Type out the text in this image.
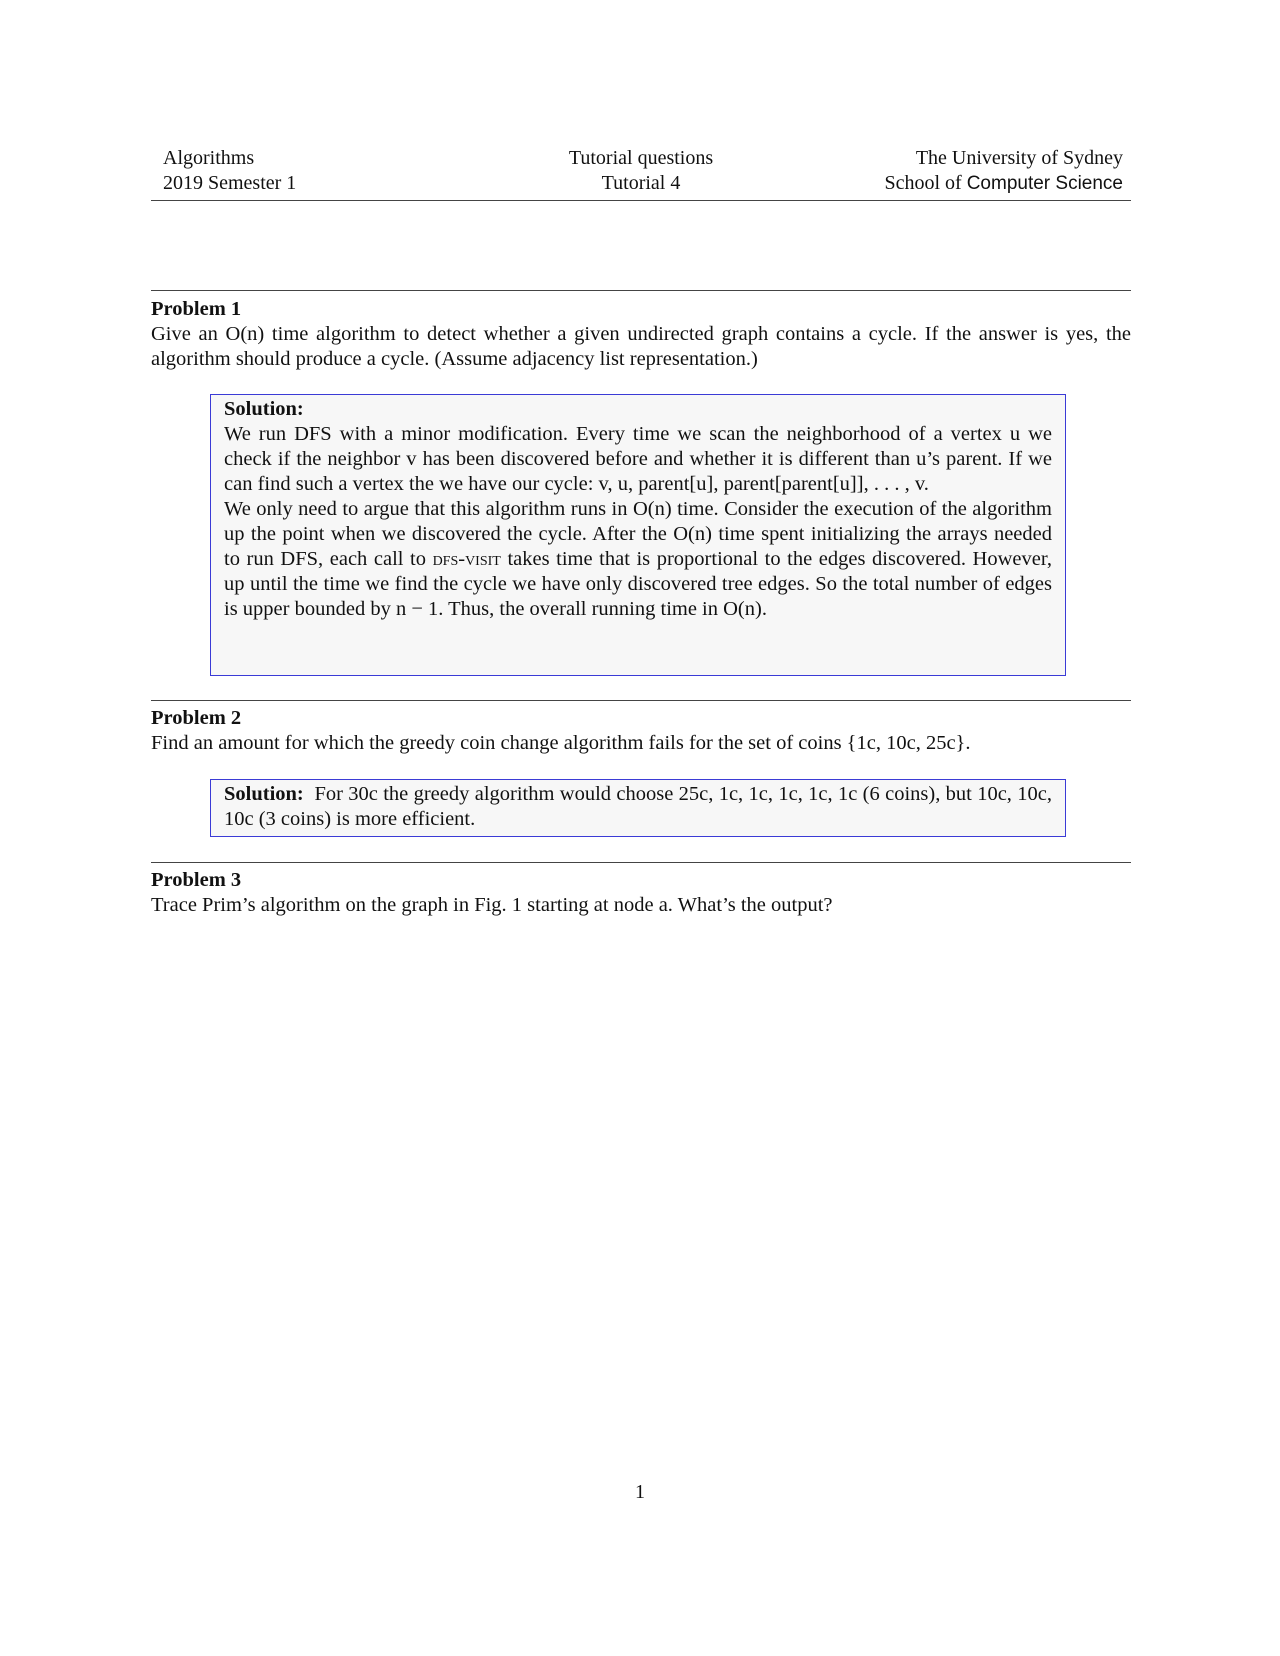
Algorithms
2019 Semester 1
Tutorial questions
Tutorial 4
The University of Sydney
School of Computer Science
Problem 1
Give an O(n) time algorithm to detect whether a given undirected graph contains a cycle. If the answer is yes, the algorithm should produce a cycle. (Assume adjacency list representation.)
Solution:

We run DFS with a minor modification. Every time we scan the neighborhood of a vertex u we check if the neighbor v has been discovered before and whether it is different than u’s parent. If we can find such a vertex the we have our cycle: v, u, parent[u], parent[parent[u]], . . . , v.

We only need to argue that this algorithm runs in O(n) time. Consider the execution of the algorithm up the point when we discovered the cycle. After the O(n) time spent initializing the arrays needed to run DFS, each call to dfs-visit takes time that is proportional to the edges discovered. However, up until the time we find the cycle we have only discovered tree edges. So the total number of edges is upper bounded by n − 1. Thus, the overall running time in O(n).

Problem 2
Find an amount for which the greedy coin change algorithm fails for the set of coins {1c, 10c, 25c}.

Solution: For 30c the greedy algorithm would choose 25c, 1c, 1c, 1c, 1c, 1c (6 coins), but 10c, 10c, 10c (3 coins) is more efficient.

Problem 3
Trace Prim’s algorithm on the graph in Fig. 1 starting at node a. What’s the output?
1
